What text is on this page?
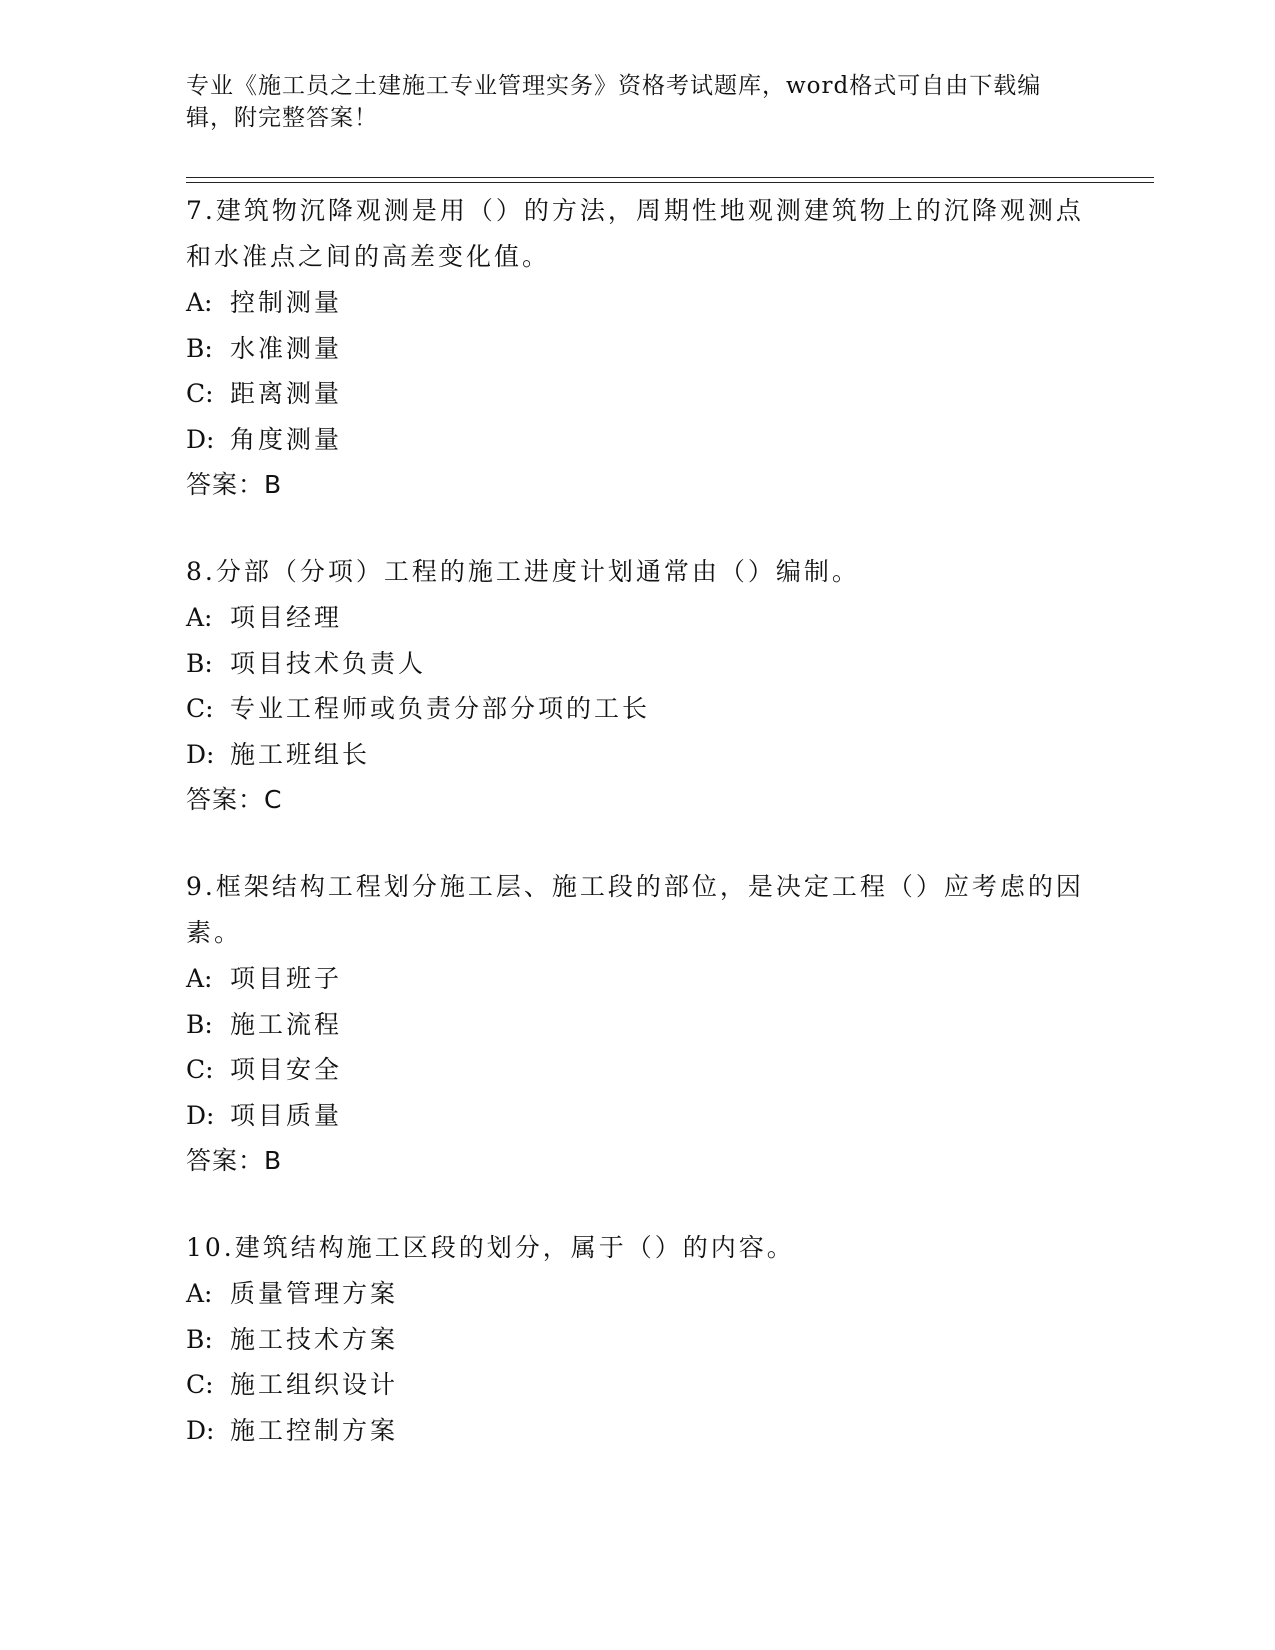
专业《施工员之土建施工专业管理实务》资格考试题库，word格式可自由下载编辑，附完整答案！

7.建筑物沉降观测是用（）的方法，周期性地观测建筑物上的沉降观测点和水准点之间的高差变化值。

A: 控制测量

B: 水准测量

C: 距离测量

D: 角度测量

答案：B

8.分部（分项）工程的施工进度计划通常由（）编制。

A: 项目经理

B: 项目技术负责人

C: 专业工程师或负责分部分项的工长

D: 施工班组长

答案：C

9.框架结构工程划分施工层、施工段的部位，是决定工程（）应考虑的因素。

A: 项目班子

B: 施工流程

C: 项目安全

D: 项目质量

答案：B

10.建筑结构施工区段的划分，属于（）的内容。

A: 质量管理方案

B: 施工技术方案

C: 施工组织设计

D: 施工控制方案
